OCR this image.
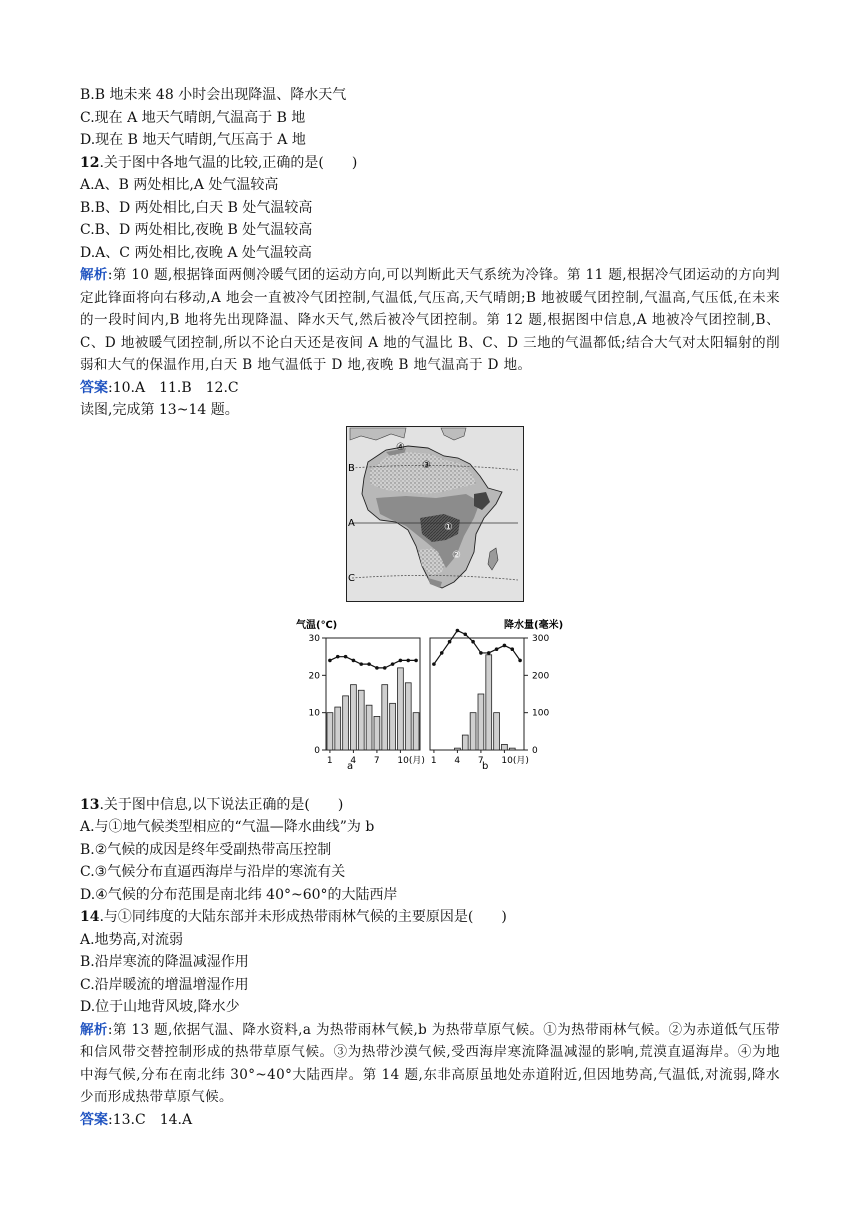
B.B 地未来 48 小时会出现降温、降水天气
C.现在 A 地天气晴朗,气温高于 B 地
D.现在 B 地天气晴朗,气压高于 A 地
12.关于图中各地气温的比较,正确的是(　　)
A.A、B 两处相比,A 处气温较高
B.B、D 两处相比,白天 B 处气温较高
C.B、D 两处相比,夜晚 B 处气温较高
D.A、C 两处相比,夜晚 A 处气温较高
解析:第 10 题,根据锋面两侧冷暖气团的运动方向,可以判断此天气系统为冷锋。第 11 题,根据冷气团运动的方向判定此锋面将向右移动,A 地会一直被冷气团控制,气温低,气压高,天气晴朗;B 地被暖气团控制,气温高,气压低,在未来的一段时间内,B 地将先出现降温、降水天气,然后被冷气团控制。第 12 题,根据图中信息,A 地被冷气团控制,B、C、D 地被暖气团控制,所以不论白天还是夜间 A 地的气温比 B、C、D 三地的气温都低;结合大气对太阳辐射的削弱和大气的保温作用,白天 B 地气温低于 D 地,夜晚 B 地气温高于 D 地。
答案:10.A　11.B　12.C
读图,完成第 13~14 题。
B
A
C
①
②
③
④
气温(℃)	降水量(毫米)
a	b
1 4 7 10(月) 1 4 7 10(月)
0
10
20
30
0
100
200
300
13.关于图中信息,以下说法正确的是(　　)
A.与①地气候类型相应的“气温—降水曲线”为 b
B.②气候的成因是终年受副热带高压控制
C.③气候分布直逼西海岸与沿岸的寒流有关
D.④气候的分布范围是南北纬 40°~60°的大陆西岸
14.与①同纬度的大陆东部并未形成热带雨林气候的主要原因是(　　)
A.地势高,对流弱
B.沿岸寒流的降温减湿作用
C.沿岸暖流的增温增湿作用
D.位于山地背风坡,降水少
解析:第 13 题,依据气温、降水资料,a 为热带雨林气候,b 为热带草原气候。①为热带雨林气候。②为赤道低气压带和信风带交替控制形成的热带草原气候。③为热带沙漠气候,受西海岸寒流降温减湿的影响,荒漠直逼海岸。④为地中海气候,分布在南北纬 30°~40°大陆西岸。第 14 题,东非高原虽地处赤道附近,但因地势高,气温低,对流弱,降水少而形成热带草原气候。
答案:13.C　14.A
